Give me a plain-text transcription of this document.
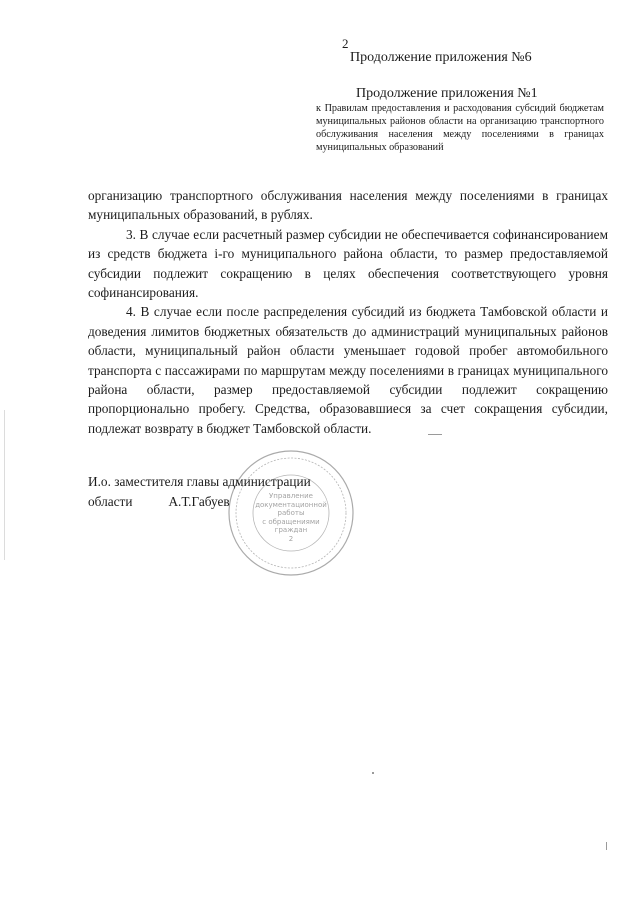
2
Продолжение приложения №6
Продолжение приложения №1
к Правилам предоставления и расходования субсидий бюджетам муниципальных районов области на организацию транспортного обслуживания населения между поселениями в границах муниципальных образований

организацию транспортного обслуживания населения между поселениями в границах муниципальных образований, в рублях.

3. В случае если расчетный размер субсидии не обеспечивается софинансированием из средств бюджета i-го муниципального района области, то размер предоставляемой субсидии подлежит сокращению в целях обеспечения соответствующего уровня софинансирования.

4. В случае если после распределения субсидий из бюджета Тамбовской области и доведения лимитов бюджетных обязательств до администраций муниципальных районов области, муниципальный район области уменьшает годовой пробег автомобильного транспорта с пассажирами по маршрутам между поселениями в границах муниципального района области, размер предоставляемой субсидии подлежит сокращению пропорционально пробегу. Средства, образовавшиеся за счет сокращения субсидии, подлежат возврату в бюджет Тамбовской области.

Управление
документационной
работы
с обращениями
граждан
2
И.о. заместителя главы администрации
области	А.Т.Габуев
